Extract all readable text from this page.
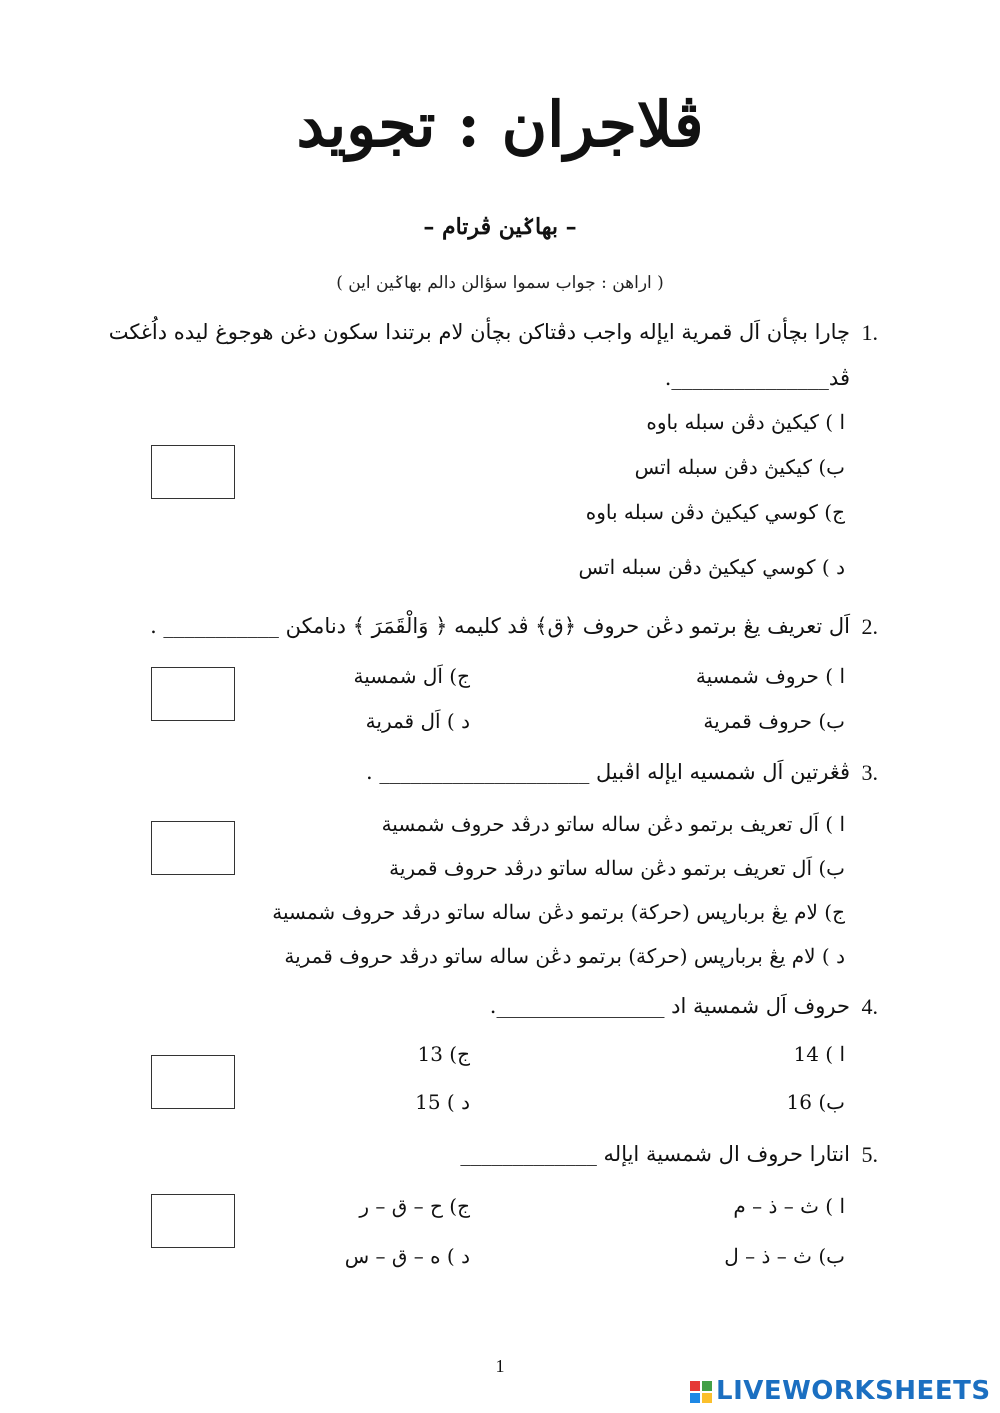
ڤلاجران : تجويد
– بهاݢين ڤرتام –
( اراهن : جواب سموا سؤالن دالم بهاݢين اين )
1.
چارا بچأن اَل قمرية ايإله واجب دڤتاكن بچأن لام برتندا سکون دغن هوجوغ ليده داُغکت
ڤد_______________.
ا ) کيکيڽ دڤن سبله باوه
ب) کيکيڽ دڤن سبله اتس
ج) کوسي کيکيڽ دڤن سبله باوه
د ) کوسي کيکيڽ دڤن سبله اتس
2.
اَل تعريف يڠ برتمو دڠن حروف ﴿ق﴾ ڤد کليمه ﴿ وَالْقَمَرَ ﴾ دنامکن ___________ .
ا ) حروف شمسية
ب) حروف قمرية
ج) اَل شمسية
د ) اَل قمرية
3.
ڤڠرتين اَل شمسيه ايإله اڤبيل ____________________ .
ا ) اَل تعريف برتمو دڠن ساله ساتو درڤد حروف شمسية
ب) اَل تعريف برتمو دڠن ساله ساتو درڤد حروف قمرية
ج) لام يڠ بربارڽس (حرکة) برتمو دڠن ساله ساتو درڤد حروف شمسية
د ) لام يڠ بربارڽس (حرکة) برتمو دڠن ساله ساتو درڤد حروف قمرية
4.
حروف اَل شمسية اد ________________.
ا ) 14
ب) 16
ج) 13
د ) 15
5.
انتارا حروف ال شمسية ايإله _____________
ا ) ث – ذ – م
ب) ث – ذ – ل
ج) ح – ق – ر
د ) ه – ق – س
1
LIVEWORKSHEETS
